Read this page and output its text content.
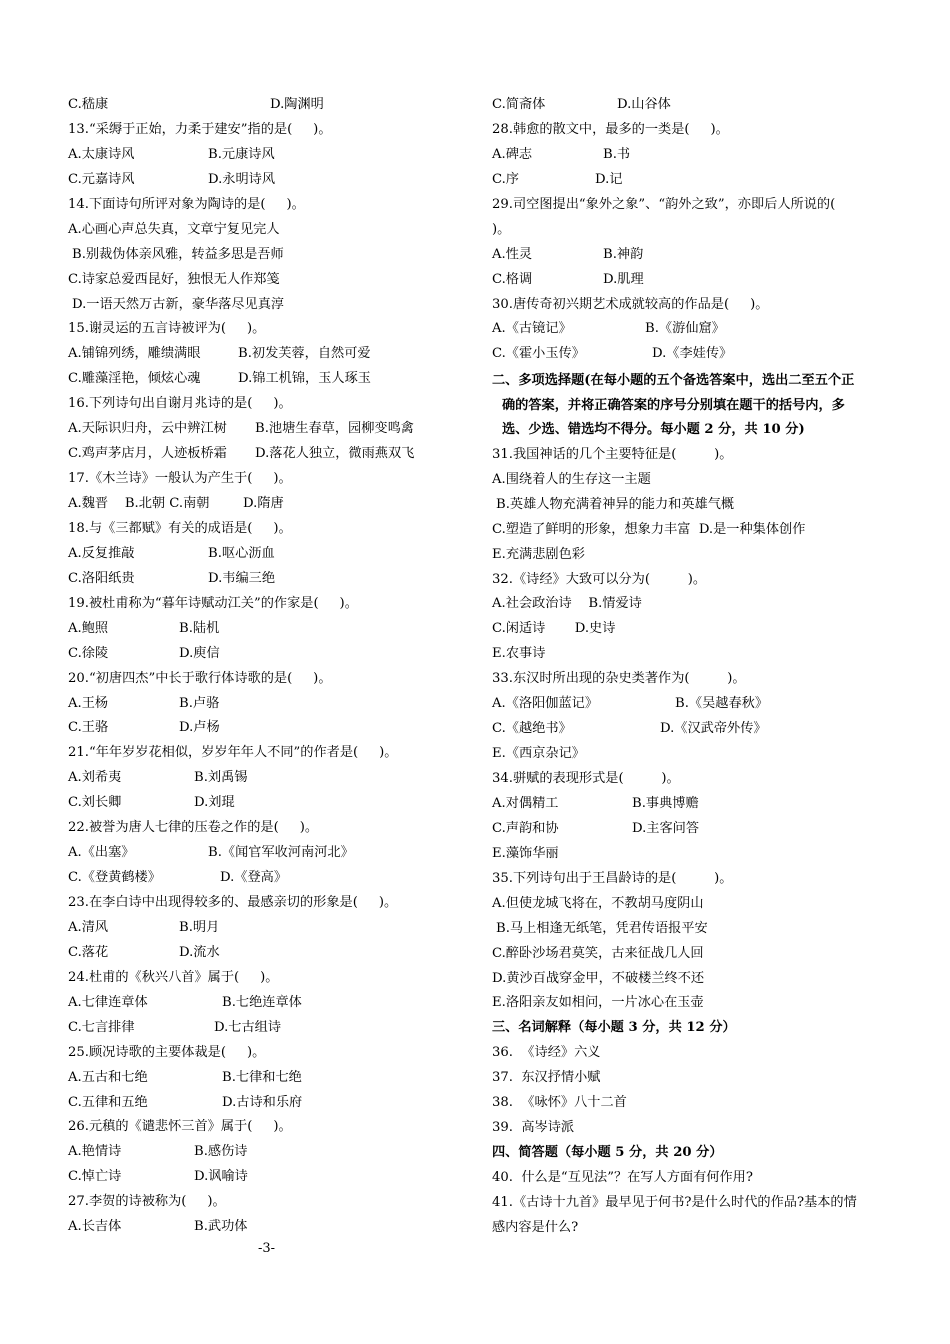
C.嵇康	D.陶渊明
13.“采缛于正始，力柔于建安”指的是(     )。
A.太康诗风	B.元康诗风
C.元嘉诗风	D.永明诗风
14.下面诗句所评对象为陶诗的是(     )。
A.心画心声总失真，文章宁复见完人
B.别裁伪体亲风雅，转益多思是吾师
C.诗家总爱西昆好，独恨无人作郑笺
D.一语天然万古新，豪华落尽见真淳
15.谢灵运的五言诗被评为(     )。
A.铺锦列绣，雕缋满眼	B.初发芙蓉，自然可爱
C.雕藻淫艳，倾炫心魂	D.锦工机锦，玉人琢玉
16.下列诗句出自谢月兆诗的是(     )。
A.天际识归舟，云中辨江树 B.池塘生春草，园柳变鸣禽
C.鸡声茅店月，人迹板桥霜 D.落花人独立，微雨燕双飞
17.《木兰诗》一般认为产生于(     )。
A.魏晋    B.北朝 C.南朝        D.隋唐
18.与《三都赋》有关的成语是(     )。
A.反复推敲	B.呕心沥血
C.洛阳纸贵	D.韦编三绝
19.被杜甫称为“暮年诗赋动江关”的作家是(     )。
A.鲍照	B.陆机
C.徐陵	D.庾信
20.“初唐四杰”中长于歌行体诗歌的是(     )。
A.王杨	B.卢骆
C.王骆	D.卢杨
21.“年年岁岁花相似，岁岁年年人不同”的作者是(     )。
A.刘希夷	B.刘禹锡
C.刘长卿	D.刘琨
22.被誉为唐人七律的压卷之作的是(     )。
A.《出塞》	B.《闻官军收河南河北》
C.《登黄鹤楼》	D.《登高》
23.在李白诗中出现得较多的、最感亲切的形象是(     )。
A.清风	B.明月
C.落花	D.流水
24.杜甫的《秋兴八首》属于(     )。
A.七律连章体	B.七绝连章体
C.七言排律	D.七古组诗
25.顾况诗歌的主要体裁是(     )。
A.五古和七绝	B.七律和七绝
C.五律和五绝	D.古诗和乐府
26.元稹的《谴悲怀三首》属于(     )。
A.艳情诗	B.感伤诗
C.悼亡诗	D.讽喻诗
27.李贺的诗被称为(     )。
A.长吉体	B.武功体
C.简斋体	D.山谷体
28.韩愈的散文中，最多的一类是(     )。
A.碑志	B.书
C.序	D.记
29.司空图提出“象外之象”、“韵外之致”，亦即后人所说的(
)。
A.性灵	B.神韵
C.格调	D.肌理
30.唐传奇初兴期艺术成就较高的作品是(     )。
A.《古镜记》	B.《游仙窟》
C.《霍小玉传》	D.《李娃传》
二、多项选择题(在每小题的五个备选答案中，选出二至五个正
确的答案，并将正确答案的序号分别填在题干的括号内，多
选、少选、错选均不得分。每小题 2 分，共 10 分)
31.我国神话的几个主要特征是(         )。
A.围绕着人的生存这一主题
B.英雄人物充满着神异的能力和英雄气概
C.塑造了鲜明的形象，想象力丰富  D.是一种集体创作
E.充满悲剧色彩
32.《诗经》大致可以分为(         )。
A.社会政治诗    B.情爱诗
C.闲适诗       D.史诗
E.农事诗
33.东汉时所出现的杂史类著作为(         )。
A.《洛阳伽蓝记》	B.《吴越春秋》
C.《越绝书》	D.《汉武帝外传》
E.《西京杂记》
34.骈赋的表现形式是(         )。
A.对偶精工	B.事典博赡
C.声韵和协	D.主客问答
E.藻饰华丽
35.下列诗句出于王昌龄诗的是(         )。
A.但使龙城飞将在，不教胡马度阴山
B.马上相逢无纸笔，凭君传语报平安
C.醉卧沙场君莫笑，古来征战几人回
D.黄沙百战穿金甲，不破楼兰终不还
E.洛阳亲友如相问，一片冰心在玉壶
三、名词解释（每小题 3 分，共 12 分）
36.  《诗经》六义
37.  东汉抒情小赋
38.  《咏怀》八十二首
39.  高岑诗派
四、简答题（每小题 5 分，共 20 分）
40.  什么是“互见法”？在写人方面有何作用?
41.《古诗十九首》最早见于何书?是什么时代的作品?基本的情
感内容是什么?
-3-
